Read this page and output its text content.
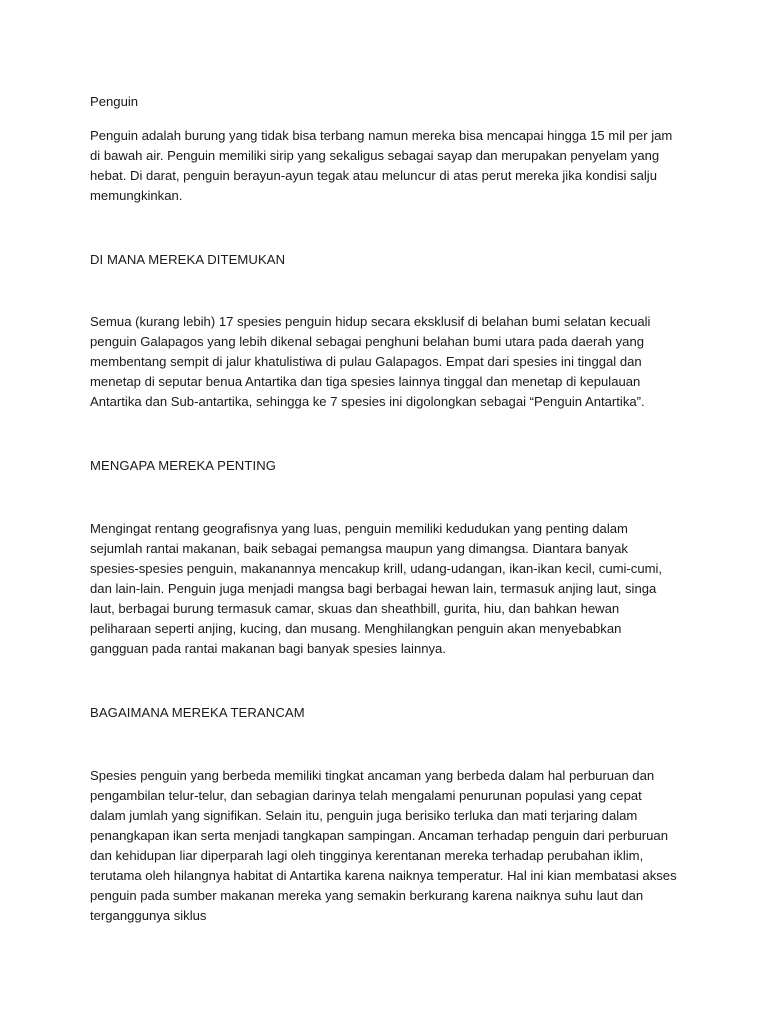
Penguin

Penguin adalah burung yang tidak bisa terbang namun mereka bisa mencapai hingga 15 mil per jam di bawah air. Penguin memiliki sirip yang sekaligus sebagai sayap dan merupakan penyelam yang hebat. Di darat, penguin berayun-ayun tegak atau meluncur di atas perut mereka jika kondisi salju memungkinkan.

DI MANA MEREKA DITEMUKAN

Semua (kurang lebih) 17 spesies penguin hidup secara eksklusif di belahan bumi selatan kecuali penguin Galapagos yang lebih dikenal sebagai penghuni belahan bumi utara pada daerah yang membentang sempit di jalur khatulistiwa di pulau Galapagos. Empat dari spesies ini tinggal dan menetap di seputar benua Antartika dan tiga spesies lainnya tinggal dan menetap di kepulauan Antartika dan Sub-antartika, sehingga ke 7 spesies ini digolongkan sebagai “Penguin Antartika”.

MENGAPA MEREKA PENTING

Mengingat rentang geografisnya yang luas, penguin memiliki kedudukan yang penting dalam sejumlah rantai makanan, baik sebagai pemangsa maupun yang dimangsa. Diantara banyak spesies-spesies penguin, makanannya mencakup krill, udang-udangan, ikan-ikan kecil, cumi-cumi, dan lain-lain. Penguin juga menjadi mangsa bagi berbagai hewan lain, termasuk anjing laut, singa laut, berbagai burung termasuk camar, skuas dan sheathbill, gurita, hiu, dan bahkan hewan peliharaan seperti anjing, kucing, dan musang. Menghilangkan penguin akan menyebabkan gangguan pada rantai makanan bagi banyak spesies lainnya.

BAGAIMANA MEREKA TERANCAM

Spesies penguin yang berbeda memiliki tingkat ancaman yang berbeda dalam hal perburuan dan pengambilan telur-telur, dan sebagian darinya telah mengalami penurunan populasi yang cepat dalam jumlah yang signifikan. Selain itu, penguin juga berisiko terluka dan mati terjaring dalam penangkapan ikan serta menjadi tangkapan sampingan. Ancaman terhadap penguin dari perburuan dan kehidupan liar diperparah lagi oleh tingginya kerentanan mereka terhadap perubahan iklim, terutama oleh hilangnya habitat di Antartika karena naiknya temperatur. Hal ini kian membatasi akses penguin pada sumber makanan mereka yang semakin berkurang karena naiknya suhu laut dan terganggunya siklus
